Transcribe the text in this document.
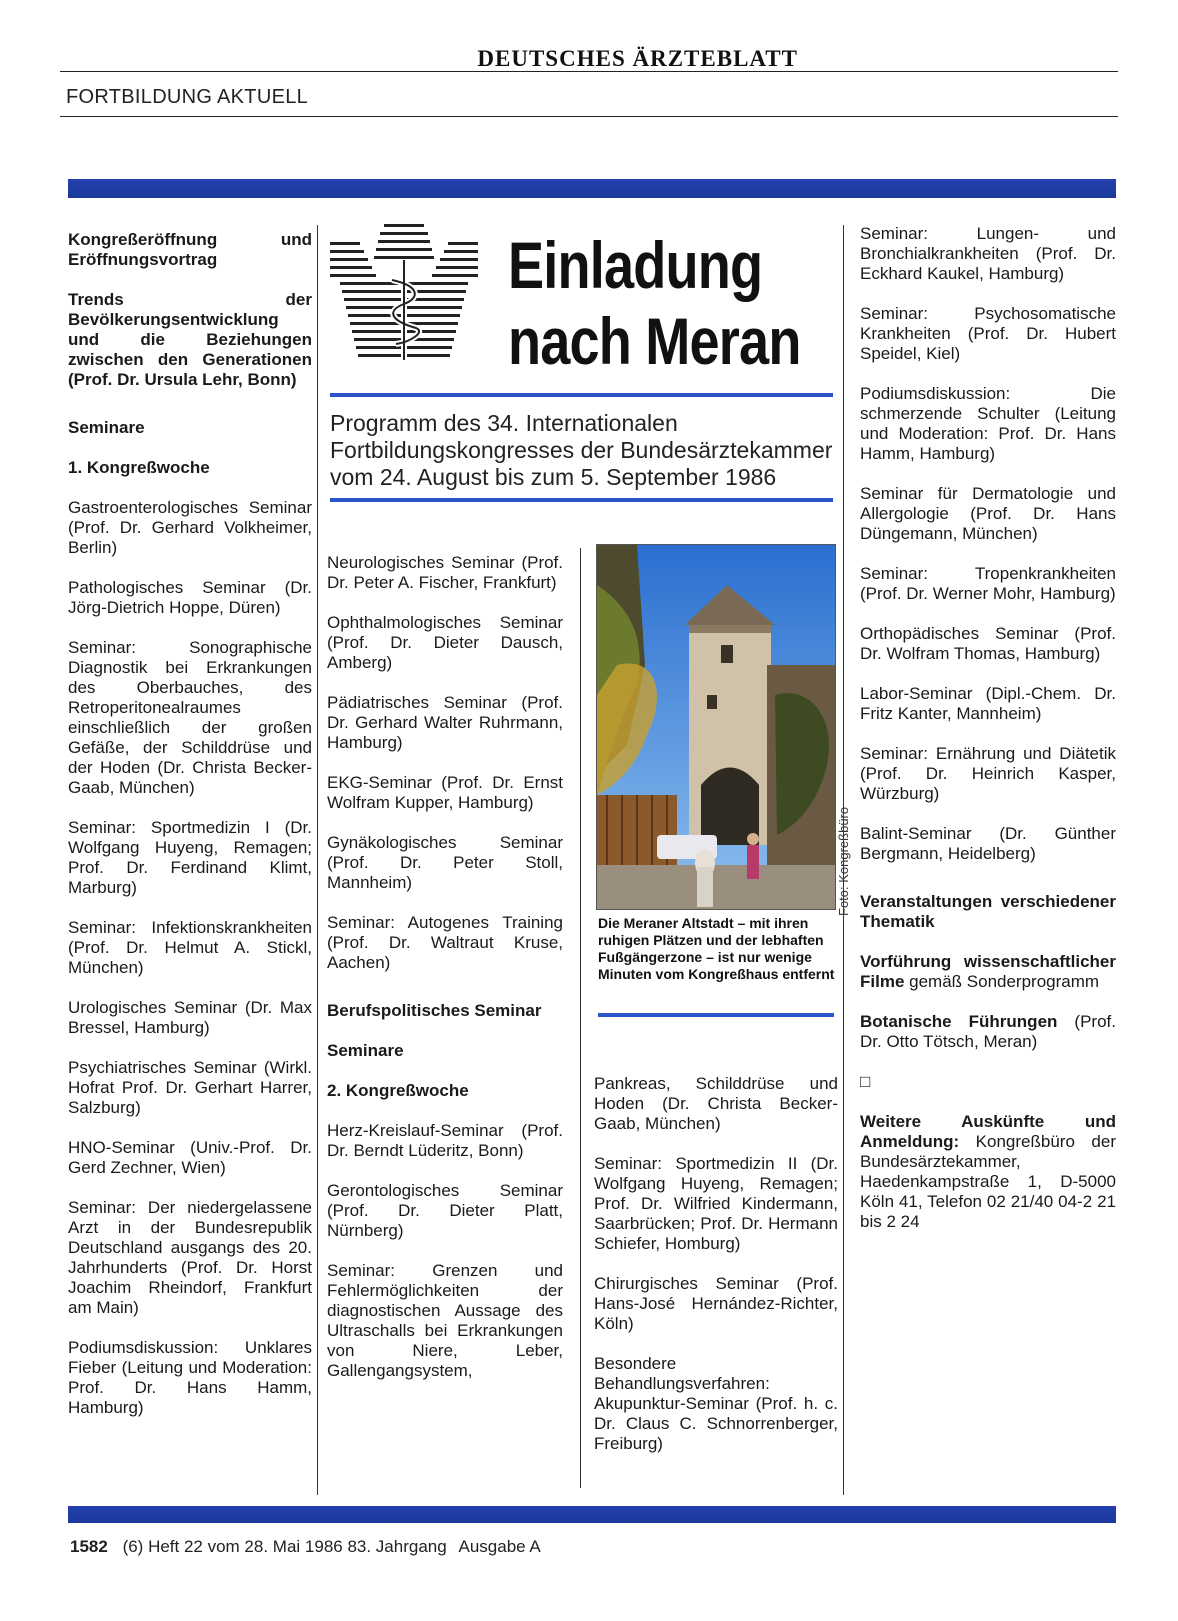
DEUTSCHES ÄRZTEBLATT
FORTBILDUNG AKTUELL

Kongreßeröffnung und Eröffnungsvortrag

Trends der Bevölkerungsentwicklung und die Beziehungen zwischen den Generationen (Prof. Dr. Ursula Lehr, Bonn)

Seminare

1. Kongreßwoche

Gastroenterologisches Seminar (Prof. Dr. Gerhard Volkheimer, Berlin)

Pathologisches Seminar (Dr. Jörg-Dietrich Hoppe, Düren)

Seminar: Sonographische Diagnostik bei Erkrankungen des Oberbauches, des Retroperitonealraumes einschließlich der großen Gefäße, der Schilddrüse und der Hoden (Dr. Christa Becker-Gaab, München)

Seminar: Sportmedizin I (Dr. Wolfgang Huyeng, Remagen; Prof. Dr. Ferdinand Klimt, Marburg)

Seminar: Infektionskrankheiten (Prof. Dr. Helmut A. Stickl, München)

Urologisches Seminar (Dr. Max Bressel, Hamburg)

Psychiatrisches Seminar (Wirkl. Hofrat Prof. Dr. Gerhart Harrer, Salzburg)

HNO-Seminar (Univ.-Prof. Dr. Gerd Zechner, Wien)

Seminar: Der niedergelassene Arzt in der Bundesrepublik Deutschland ausgangs des 20. Jahrhunderts (Prof. Dr. Horst Joachim Rheindorf, Frankfurt am Main)

Podiumsdiskussion: Unklares Fieber (Leitung und Moderation: Prof. Dr. Hans Hamm, Hamburg)

Einladung
nach Meran
Programm des 34. Internationalen Fortbildungskongresses der Bundesärztekammer vom 24. August bis zum 5. September 1986

Neurologisches Seminar (Prof. Dr. Peter A. Fischer, Frankfurt)

Ophthalmologisches Seminar (Prof. Dr. Dieter Dausch, Amberg)

Pädiatrisches Seminar (Prof. Dr. Gerhard Walter Ruhrmann, Hamburg)

EKG-Seminar (Prof. Dr. Ernst Wolfram Kupper, Hamburg)

Gynäkologisches Seminar (Prof. Dr. Peter Stoll, Mannheim)

Seminar: Autogenes Training (Prof. Dr. Waltraut Kruse, Aachen)

Berufspolitisches Seminar

Seminare

2. Kongreßwoche

Herz-Kreislauf-Seminar (Prof. Dr. Berndt Lüderitz, Bonn)

Gerontologisches Seminar (Prof. Dr. Dieter Platt, Nürnberg)

Seminar: Grenzen und Fehlermöglichkeiten der diagnostischen Aussage des Ultraschalls bei Erkrankungen von Niere, Leber, Gallengangsystem,

Foto: Kongreßbüro
Die Meraner Altstadt – mit ihren ruhigen Plätzen und der lebhaften Fußgängerzone – ist nur wenige Minuten vom Kongreßhaus entfernt

Pankreas, Schilddrüse und Hoden (Dr. Christa Becker-Gaab, München)

Seminar: Sportmedizin II (Dr. Wolfgang Huyeng, Remagen; Prof. Dr. Wilfried Kindermann, Saarbrücken; Prof. Dr. Hermann Schiefer, Homburg)

Chirurgisches Seminar (Prof. Hans-José Hernández-Richter, Köln)

Besondere Behandlungsverfahren: Akupunktur-Seminar (Prof. h. c. Dr. Claus C. Schnorrenberger, Freiburg)

Seminar: Lungen- und Bronchialkrankheiten (Prof. Dr. Eckhard Kaukel, Hamburg)

Seminar: Psychosomatische Krankheiten (Prof. Dr. Hubert Speidel, Kiel)

Podiumsdiskussion: Die schmerzende Schulter (Leitung und Moderation: Prof. Dr. Hans Hamm, Hamburg)

Seminar für Dermatologie und Allergologie (Prof. Dr. Hans Düngemann, München)

Seminar: Tropenkrankheiten (Prof. Dr. Werner Mohr, Hamburg)

Orthopädisches Seminar (Prof. Dr. Wolfram Thomas, Hamburg)

Labor-Seminar (Dipl.-Chem. Dr. Fritz Kanter, Mannheim)

Seminar: Ernährung und Diätetik (Prof. Dr. Heinrich Kasper, Würzburg)

Balint-Seminar (Dr. Günther Bergmann, Heidelberg)

Veranstaltungen verschiedener Thematik

Vorführung wissenschaftlicher Filme gemäß Sonderprogramm

Botanische Führungen (Prof. Dr. Otto Tötsch, Meran)

□

Weitere Auskünfte und Anmeldung: Kongreßbüro der Bundesärztekammer, Haedenkampstraße 1, D-5000 Köln 41, Telefon 02 21/40 04-2 21 bis 2 24

1582 (6) Heft 22 vom 28. Mai 1986 83. Jahrgang Ausgabe A
